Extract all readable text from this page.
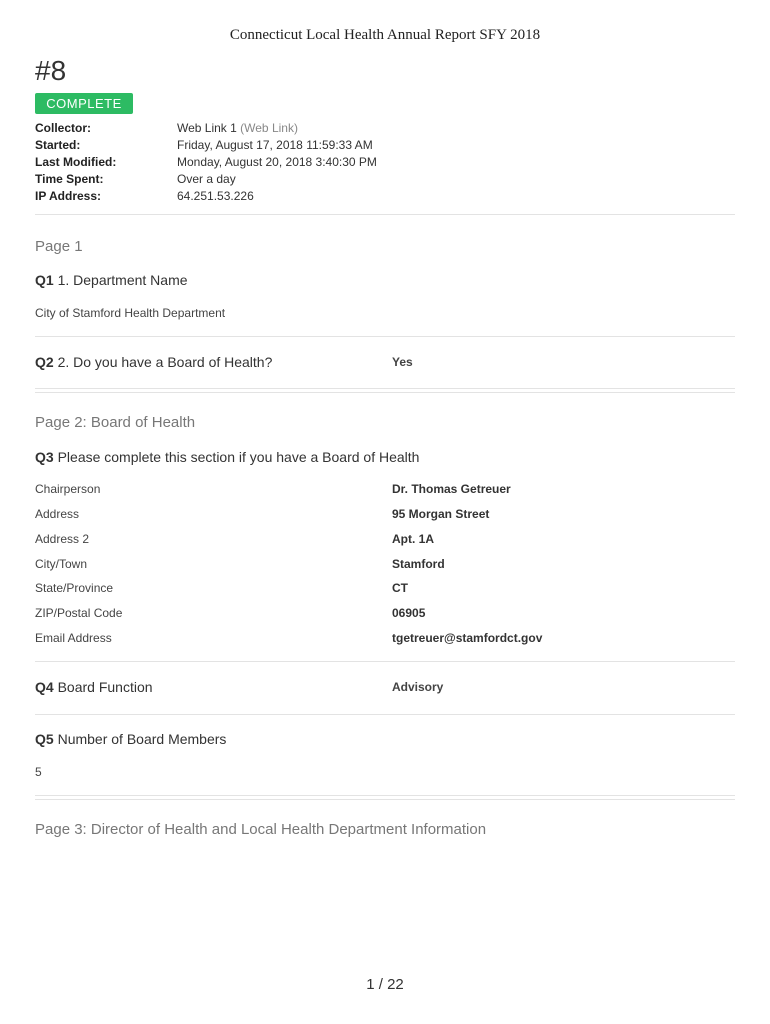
Connecticut Local Health Annual Report SFY 2018
#8
COMPLETE
Collector:	Web Link 1 (Web Link)
Started:	Friday, August 17, 2018 11:59:33 AM
Last Modified:	Monday, August 20, 2018 3:40:30 PM
Time Spent:	Over a day
IP Address:	64.251.53.226
Page 1
Q1 1. Department Name
City of Stamford Health Department
Q2 2. Do you have a Board of Health?	Yes
Page 2: Board of Health
Q3 Please complete this section if you have a Board of Health
Chairperson	Dr. Thomas Getreuer
Address	95 Morgan Street
Address 2	Apt. 1A
City/Town	Stamford
State/Province	CT
ZIP/Postal Code	06905
Email Address	tgetreuer@stamfordct.gov
Q4 Board Function	Advisory
Q5 Number of Board Members
5
Page 3: Director of Health and Local Health Department Information
1 / 22
